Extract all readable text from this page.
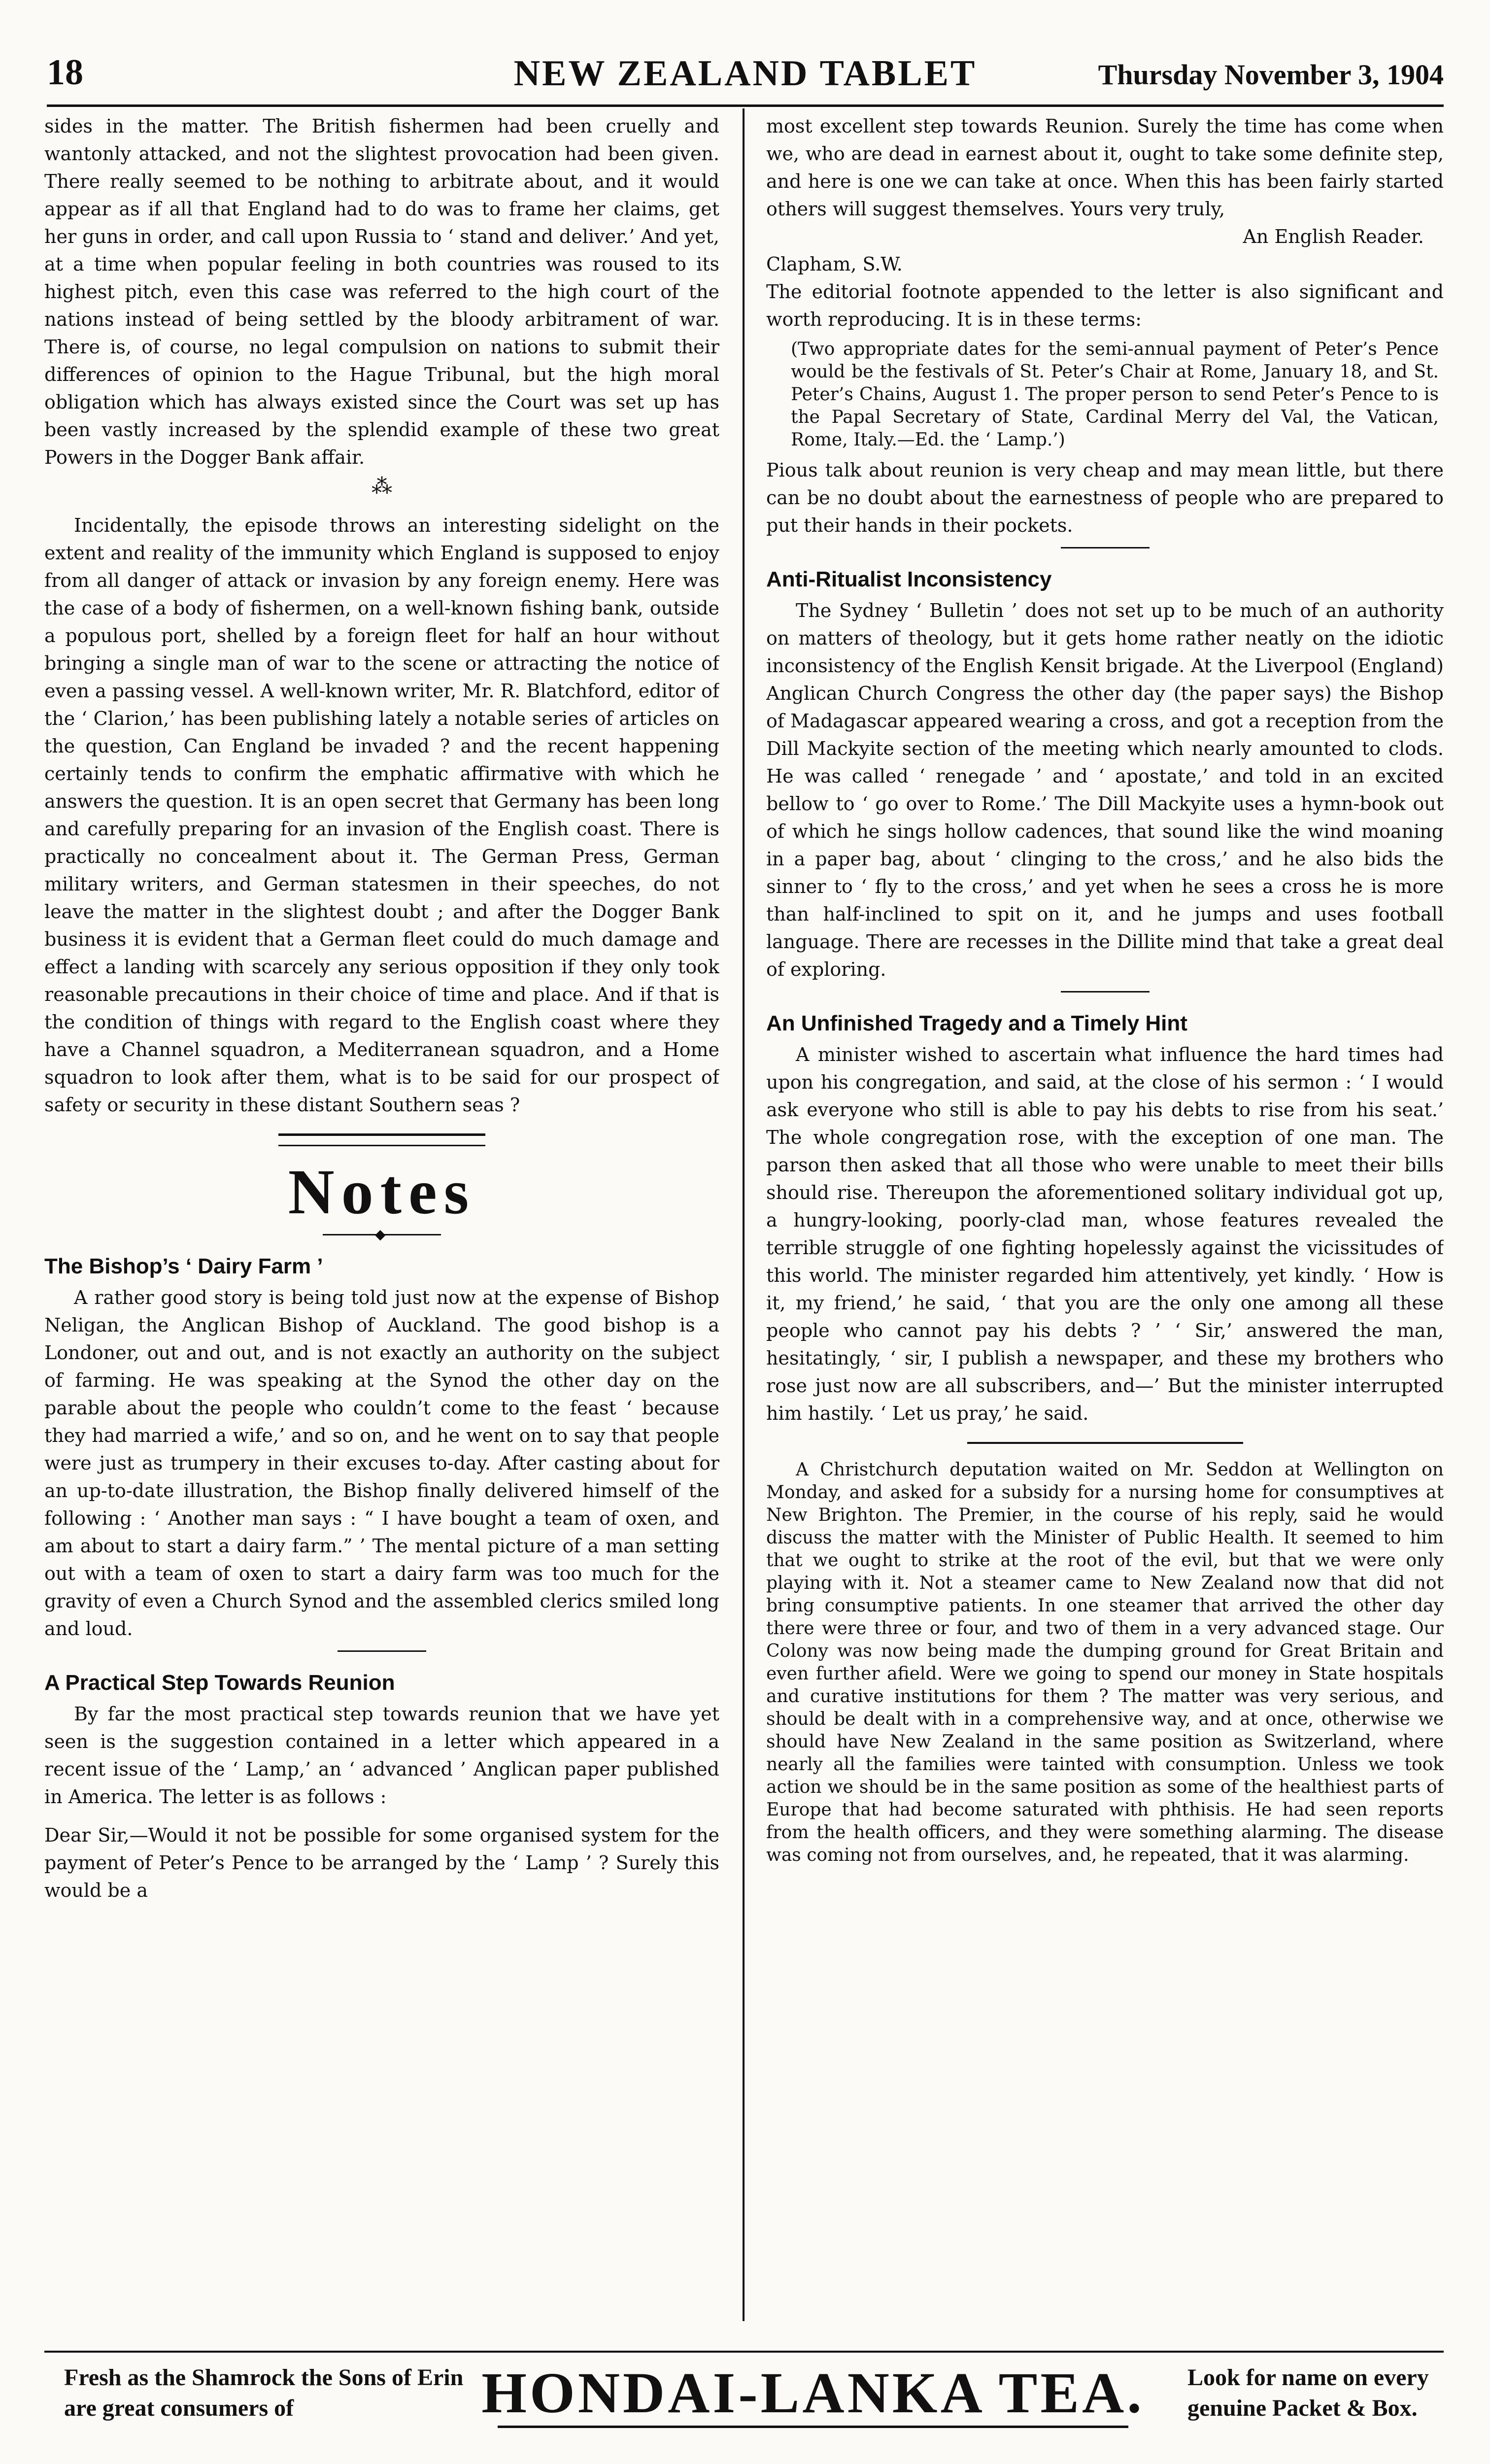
18	NEW ZEALAND TABLET	Thursday November 3, 1904

sides in the matter. The British fishermen had been cruelly and wantonly attacked, and not the slightest provocation had been given. There really seemed to be nothing to arbitrate about, and it would appear as if all that England had to do was to frame her claims, get her guns in order, and call upon Russia to ‘ stand and deliver.’ And yet, at a time when popular feeling in both countries was roused to its highest pitch, even this case was referred to the high court of the nations instead of being settled by the bloody arbitrament of war. There is, of course, no legal compulsion on nations to submit their differences of opinion to the Hague Tribunal, but the high moral obligation which has always existed since the Court was set up has been vastly increased by the splendid example of these two great Powers in the Dogger Bank affair.

⁂

Incidentally, the episode throws an interesting sidelight on the extent and reality of the immunity which England is supposed to enjoy from all danger of attack or invasion by any foreign enemy. Here was the case of a body of fishermen, on a well-known fishing bank, outside a populous port, shelled by a foreign fleet for half an hour without bringing a single man of war to the scene or attracting the notice of even a passing vessel. A well-known writer, Mr. R. Blatchford, editor of the ‘ Clarion,’ has been publishing lately a notable series of articles on the question, Can England be invaded ? and the recent happening certainly tends to confirm the emphatic affirmative with which he answers the question. It is an open secret that Germany has been long and carefully preparing for an invasion of the English coast. There is practically no concealment about it. The German Press, German military writers, and German statesmen in their speeches, do not leave the matter in the slightest doubt ; and after the Dogger Bank business it is evident that a German fleet could do much damage and effect a landing with scarcely any serious opposition if they only took reasonable precautions in their choice of time and place. And if that is the condition of things with regard to the English coast where they have a Channel squadron, a Mediterranean squadron, and a Home squadron to look after them, what is to be said for our prospect of safety or security in these distant Southern seas ?

Notes
◆
The Bishop’s ‘ Dairy Farm ’

A rather good story is being told just now at the expense of Bishop Neligan, the Anglican Bishop of Auckland. The good bishop is a Londoner, out and out, and is not exactly an authority on the subject of farming. He was speaking at the Synod the other day on the parable about the people who couldn’t come to the feast ‘ because they had married a wife,’ and so on, and he went on to say that people were just as trumpery in their excuses to-day. After casting about for an up-to-date illustration, the Bishop finally delivered himself of the following : ‘ Another man says : “ I have bought a team of oxen, and am about to start a dairy farm.” ’ The mental picture of a man setting out with a team of oxen to start a dairy farm was too much for the gravity of even a Church Synod and the assembled clerics smiled long and loud.

A Practical Step Towards Reunion

By far the most practical step towards reunion that we have yet seen is the suggestion contained in a letter which appeared in a recent issue of the ‘ Lamp,’ an ‘ advanced ’ Anglican paper published in America. The letter is as follows :

Dear Sir,—Would it not be possible for some organised system for the payment of Peter’s Pence to be arranged by the ‘ Lamp ’ ? Surely this would be a

most excellent step towards Reunion. Surely the time has come when we, who are dead in earnest about it, ought to take some definite step, and here is one we can take at once. When this has been fairly started others will suggest themselves. Yours very truly,

An English Reader.

Clapham, S.W.

The editorial footnote appended to the letter is also significant and worth reproducing. It is in these terms:

(Two appropriate dates for the semi-annual payment of Peter’s Pence would be the festivals of St. Peter’s Chair at Rome, January 18, and St. Peter’s Chains, August 1. The proper person to send Peter’s Pence to is the Papal Secretary of State, Cardinal Merry del Val, the Vatican, Rome, Italy.—Ed. the ‘ Lamp.’)

Pious talk about reunion is very cheap and may mean little, but there can be no doubt about the earnestness of people who are prepared to put their hands in their pockets.

Anti-Ritualist Inconsistency

The Sydney ‘ Bulletin ’ does not set up to be much of an authority on matters of theology, but it gets home rather neatly on the idiotic inconsistency of the English Kensit brigade. At the Liverpool (England) Anglican Church Congress the other day (the paper says) the Bishop of Madagascar appeared wearing a cross, and got a reception from the Dill Mackyite section of the meeting which nearly amounted to clods. He was called ‘ renegade ’ and ‘ apostate,’ and told in an excited bellow to ‘ go over to Rome.’ The Dill Mackyite uses a hymn-book out of which he sings hollow cadences, that sound like the wind moaning in a paper bag, about ‘ clinging to the cross,’ and he also bids the sinner to ‘ fly to the cross,’ and yet when he sees a cross he is more than half-inclined to spit on it, and he jumps and uses football language. There are recesses in the Dillite mind that take a great deal of exploring.

An Unfinished Tragedy and a Timely Hint

A minister wished to ascertain what influence the hard times had upon his congregation, and said, at the close of his sermon : ‘ I would ask everyone who still is able to pay his debts to rise from his seat.’ The whole congregation rose, with the exception of one man. The parson then asked that all those who were unable to meet their bills should rise. Thereupon the aforementioned solitary individual got up, a hungry-looking, poorly-clad man, whose features revealed the terrible struggle of one fighting hopelessly against the vicissitudes of this world. The minister regarded him attentively, yet kindly. ‘ How is it, my friend,’ he said, ‘ that you are the only one among all these people who cannot pay his debts ? ’ ‘ Sir,’ answered the man, hesitatingly, ‘ sir, I publish a newspaper, and these my brothers who rose just now are all subscribers, and—’ But the minister interrupted him hastily. ‘ Let us pray,’ he said.

A Christchurch deputation waited on Mr. Seddon at Wellington on Monday, and asked for a subsidy for a nursing home for consumptives at New Brighton. The Premier, in the course of his reply, said he would discuss the matter with the Minister of Public Health. It seemed to him that we ought to strike at the root of the evil, but that we were only playing with it. Not a steamer came to New Zealand now that did not bring consumptive patients. In one steamer that arrived the other day there were three or four, and two of them in a very advanced stage. Our Colony was now being made the dumping ground for Great Britain and even further afield. Were we going to spend our money in State hospitals and curative institutions for them ? The matter was very serious, and should be dealt with in a comprehensive way, and at once, otherwise we should have New Zealand in the same position as Switzerland, where nearly all the families were tainted with consumption. Unless we took action we should be in the same position as some of the healthiest parts of Europe that had become saturated with phthisis. He had seen reports from the health officers, and they were something alarming. The disease was coming not from ourselves, and, he repeated, that it was alarming.

Fresh as the Shamrock the Sons of Erin are great consumers of	HONDAI-LANKA TEA. Look for name on every genuine Packet & Box.
